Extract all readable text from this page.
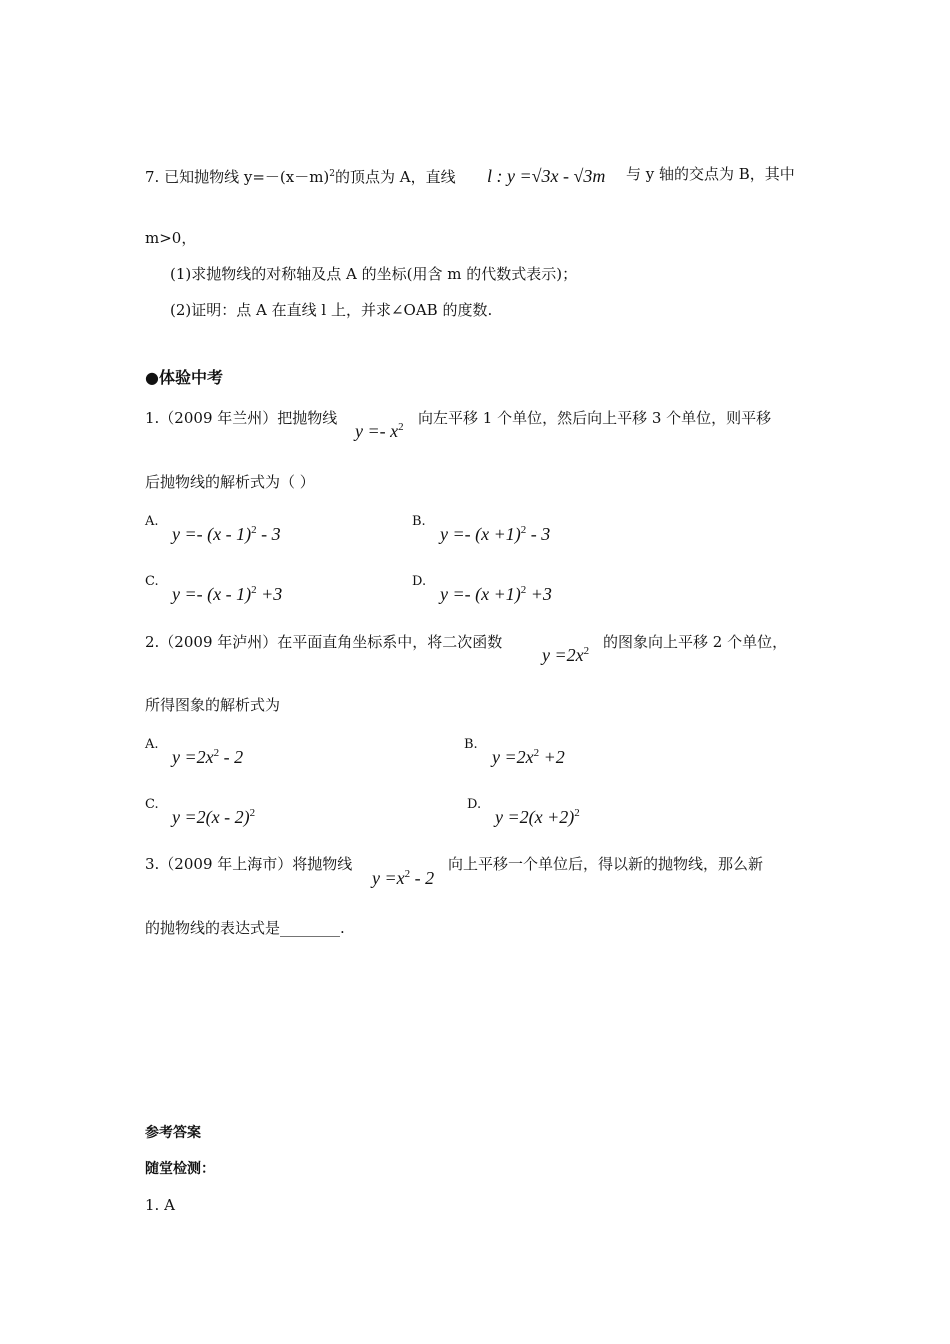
7. 已知抛物线 $y=-(x-m)^2$的顶点为 A，直线 l : y =√3x - √3m 与 y 轴的交点为 B，其中
m>0，
(1)求抛物线的对称轴及点 A 的坐标(用含 m 的代数式表示)；
(2)证明：点 A 在直线 l 上，并求∠OAB 的度数.
●体验中考
1.（2009 年兰州）把抛物线
$y =- x^2$ 向左平移 1 个单位，然后向上平移 3 个单位，则平移
后抛物线的解析式为（ ）
A.
y =- (x - 1)$^2$ - 3
B.
$y =- (x +1)^2 - 3$
C.
y =- (x - 1)$^2$ +3
D.
$y =- (x +1)^2 +3$
2.（2009 年泸州）在平面直角坐标系中，将二次函数
$y =2x^2$ 的图象向上平移 2 个单位，
所得图象的解析式为
A.
$y =2x^2 - 2$
B.
$y =2x^2 +2$
C.
y =2(x - 2)$^2$
D.
$y =2(x +2)^2$
3.（2009 年上海市）将抛物线
$y =x^2 - 2$
向上平移一个单位后，得以新的抛物线，那么新
的抛物线的表达式是________.
参考答案
随堂检测：
1. A
